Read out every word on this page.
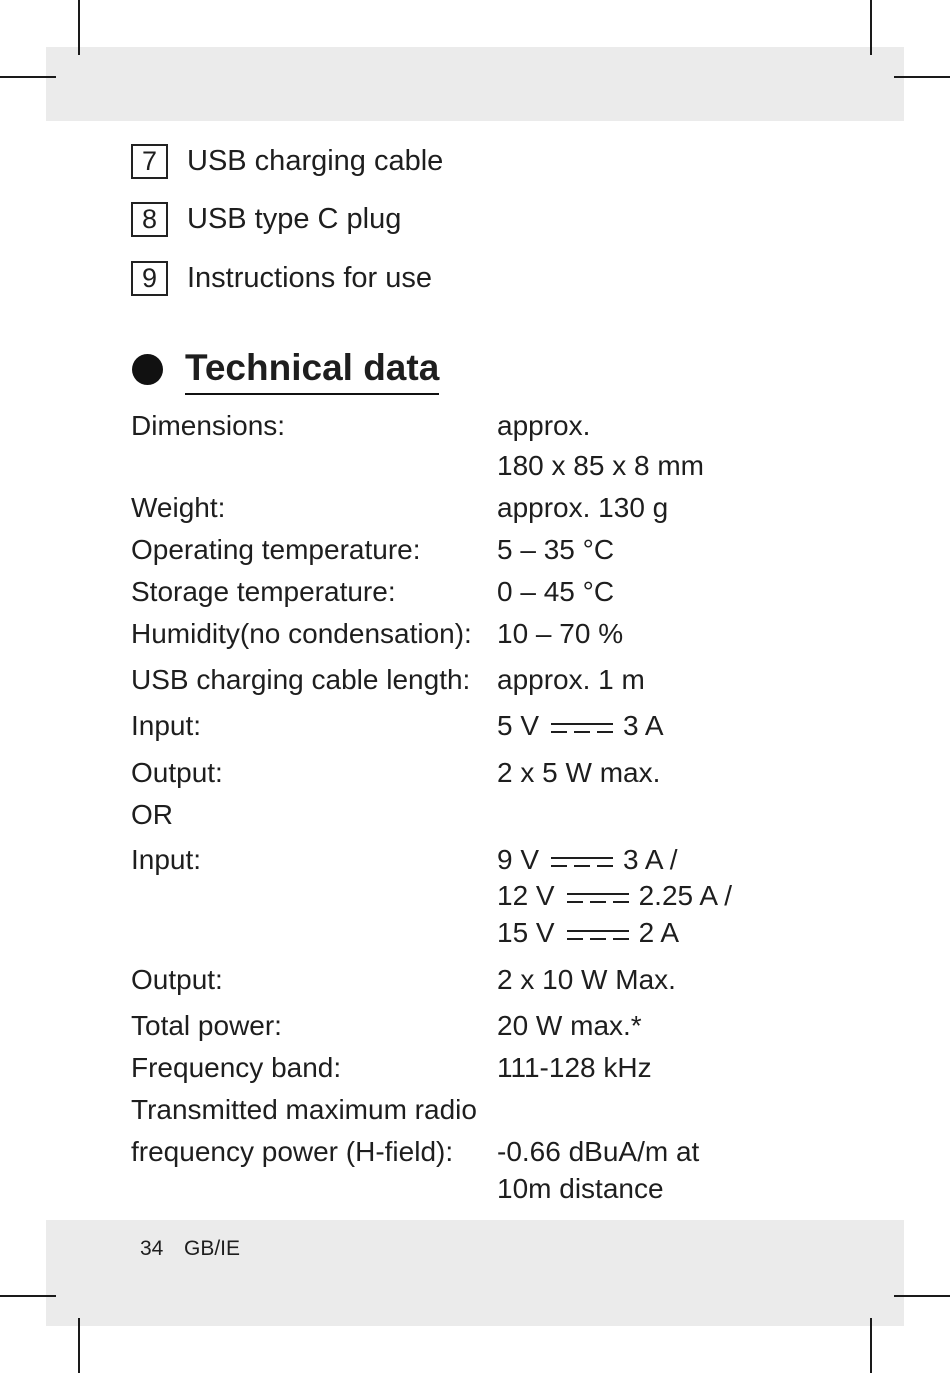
7	USB charging cable
8	USB type C plug
9	Instructions for use
Technical data
Dimensions:	approx.
180 x 85 x 8 mm
Weight:	approx. 130 g
Operating temperature:	5 – 35 °C
Storage temperature:	0 – 45 °C
Humidity(no condensation): 10 – 70 %
USB charging cable length: approx. 1 m
Input:	5 V	3 A
Output:	2 x 5 W max.
OR
Input:	9 V	3 A /
12 V	2.25 A /
15 V	2 A
Output:	2 x 10 W Max.
Total power:	20 W max.*
Frequency band:	111-128 kHz
Transmitted maximum radio
frequency power (H-field): -0.66 dBuA/m at
10m distance
34 GB/IE
